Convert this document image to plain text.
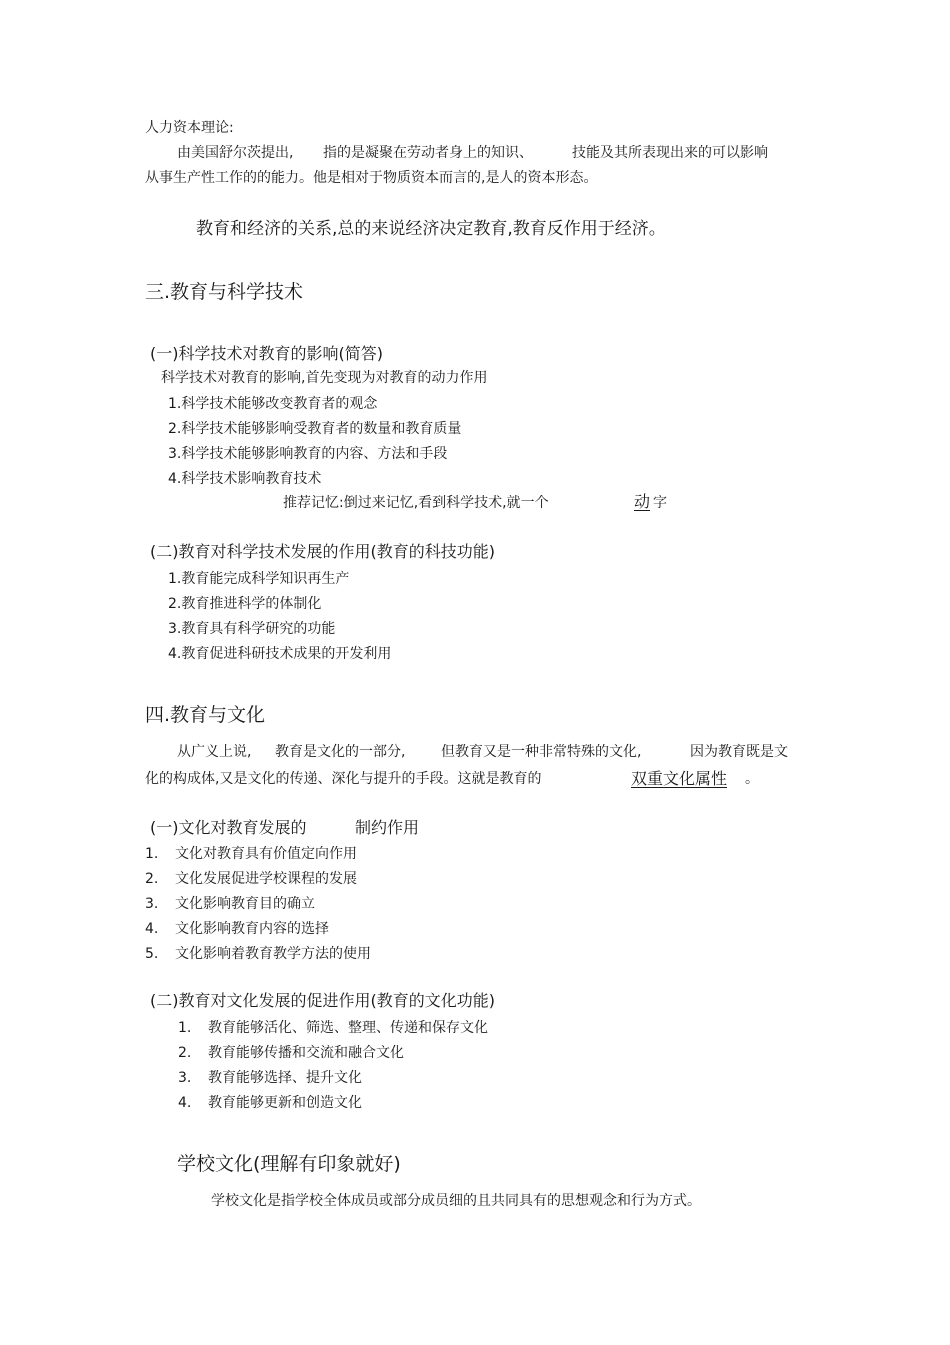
人力资本理论:
由美国舒尔茨提出, 指的是凝聚在劳动者身上的知识、	技能及其所表现出来的可以影响
从事生产性工作的的能力。他是相对于物质资本而言的,是人的资本形态。
教育和经济的关系,总的来说经济决定教育,教育反作用于经济。
三.教育与科学技术
(一)科学技术对教育的影响(简答)
科学技术对教育的影响,首先变现为对教育的动力作用
1.科学技术能够改变教育者的观念
2.科学技术能够影响受教育者的数量和教育质量
3.科学技术能够影响教育的内容、方法和手段
4.科学技术影响教育技术
推荐记忆:倒过来记忆,看到科学技术,就一个	动 字
(二)教育对科学技术发展的作用(教育的科技功能)
1.教育能完成科学知识再生产
2.教育推进科学的体制化
3.教育具有科学研究的功能
4.教育促进科研技术成果的开发利用
四.教育与文化
从广义上说, 教育是文化的一部分,	但教育又是一种非常特殊的文化,	因为教育既是文
化的构成体,又是文化的传递、深化与提升的手段。这就是教育的	双重文化属性 。
(一)文化对教育发展的	制约作用
1. 文化对教育具有价值定向作用
2. 文化发展促进学校课程的发展
3. 文化影响教育目的确立
4. 文化影响教育内容的选择
5. 文化影响着教育教学方法的使用
(二)教育对文化发展的促进作用(教育的文化功能)
1. 教育能够活化、筛选、整理、传递和保存文化
2. 教育能够传播和交流和融合文化
3. 教育能够选择、提升文化
4. 教育能够更新和创造文化
学校文化(理解有印象就好)
学校文化是指学校全体成员或部分成员细的且共同具有的思想观念和行为方式。
